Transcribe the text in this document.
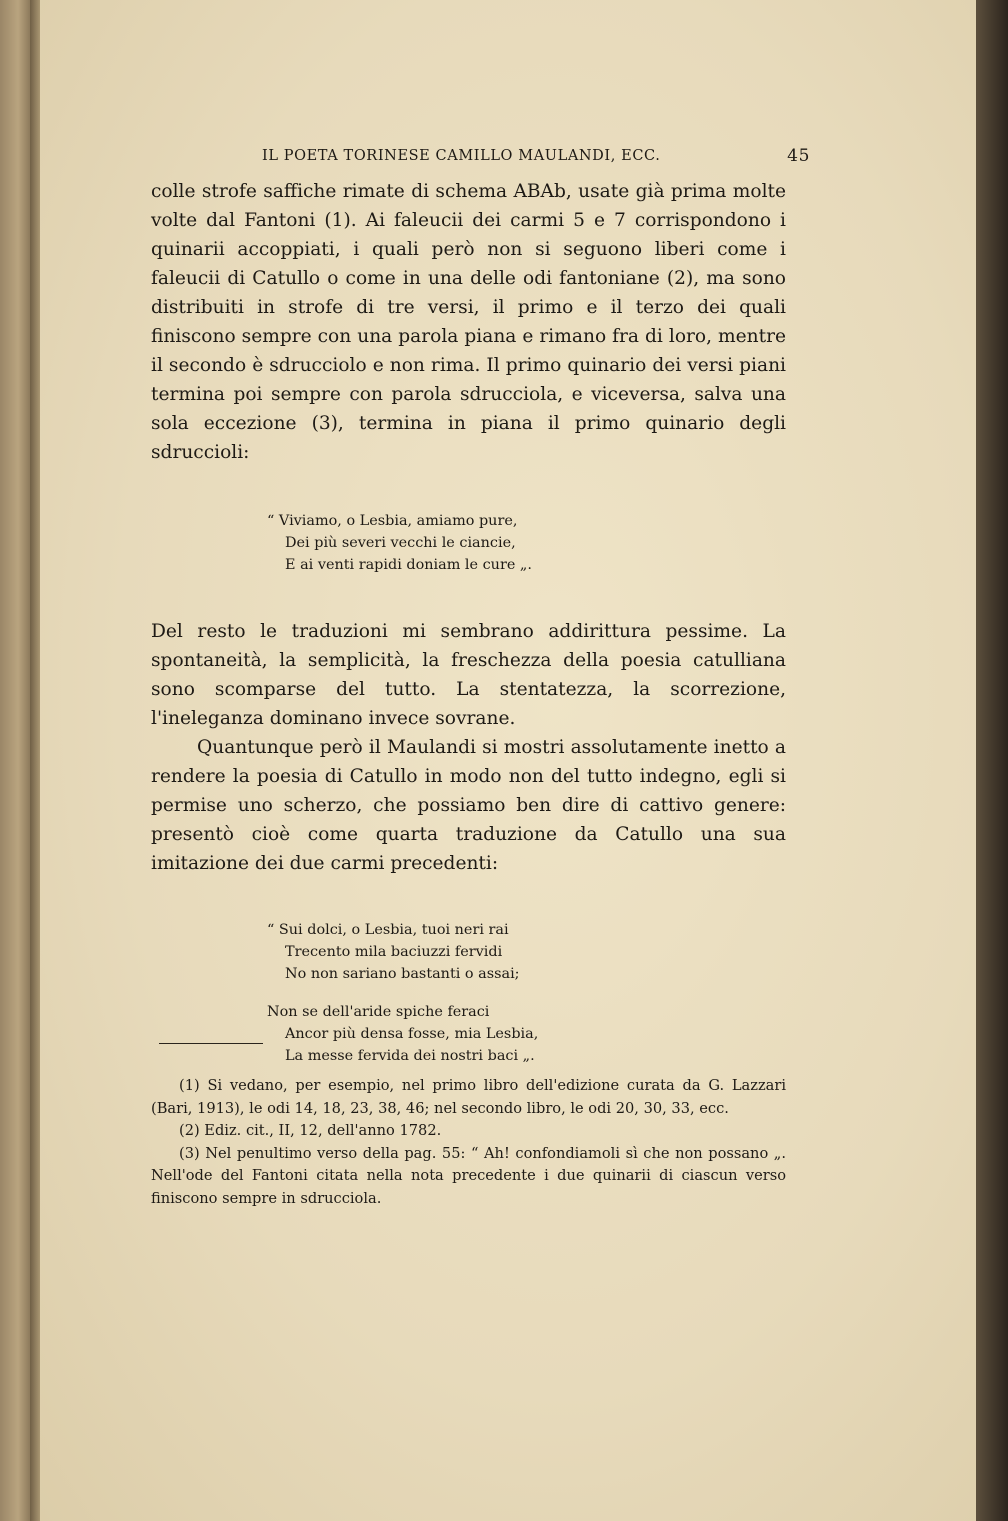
IL POETA TORINESE CAMILLO MAULANDI, ECC.	45

colle strofe saffiche rimate di schema ABAb, usate già prima molte volte dal Fantoni (1). Ai faleucii dei carmi 5 e 7 corrispondono i quinarii accoppiati, i quali però non si seguono liberi come i faleucii di Catullo o come in una delle odi fantoniane (2), ma sono distribuiti in strofe di tre versi, il primo e il terzo dei quali finiscono sempre con una parola piana e rimano fra di loro, mentre il secondo è sdrucciolo e non rima. Il primo quinario dei versi piani termina poi sempre con parola sdrucciola, e viceversa, salva una sola eccezione (3), termina in piana il primo quinario degli sdruccioli:

“ Viviamo, o Lesbia, amiamo pure,
Dei più severi vecchi le ciancie,
E ai venti rapidi doniam le cure „.

Del resto le traduzioni mi sembrano addirittura pessime. La spontaneità, la semplicità, la freschezza della poesia catulliana sono scomparse del tutto. La stentatezza, la scorrezione, l'ineleganza dominano invece sovrane.

Quantunque però il Maulandi si mostri assolutamente inetto a rendere la poesia di Catullo in modo non del tutto indegno, egli si permise uno scherzo, che possiamo ben dire di cattivo genere: presentò cioè come quarta traduzione da Catullo una sua imitazione dei due carmi precedenti:

“ Sui dolci, o Lesbia, tuoi neri rai
Trecento mila baciuzzi fervidi
No non sariano bastanti o assai;
Non se dell'aride spiche feraci
Ancor più densa fosse, mia Lesbia,
La messe fervida dei nostri baci „.

(1) Si vedano, per esempio, nel primo libro dell'edizione curata da G. Lazzari (Bari, 1913), le odi 14, 18, 23, 38, 46; nel secondo libro, le odi 20, 30, 33, ecc.

(2) Ediz. cit., II, 12, dell'anno 1782.

(3) Nel penultimo verso della pag. 55: “ Ah! confondiamoli sì che non possano „. Nell'ode del Fantoni citata nella nota precedente i due quinarii di ciascun verso finiscono sempre in sdrucciola.
